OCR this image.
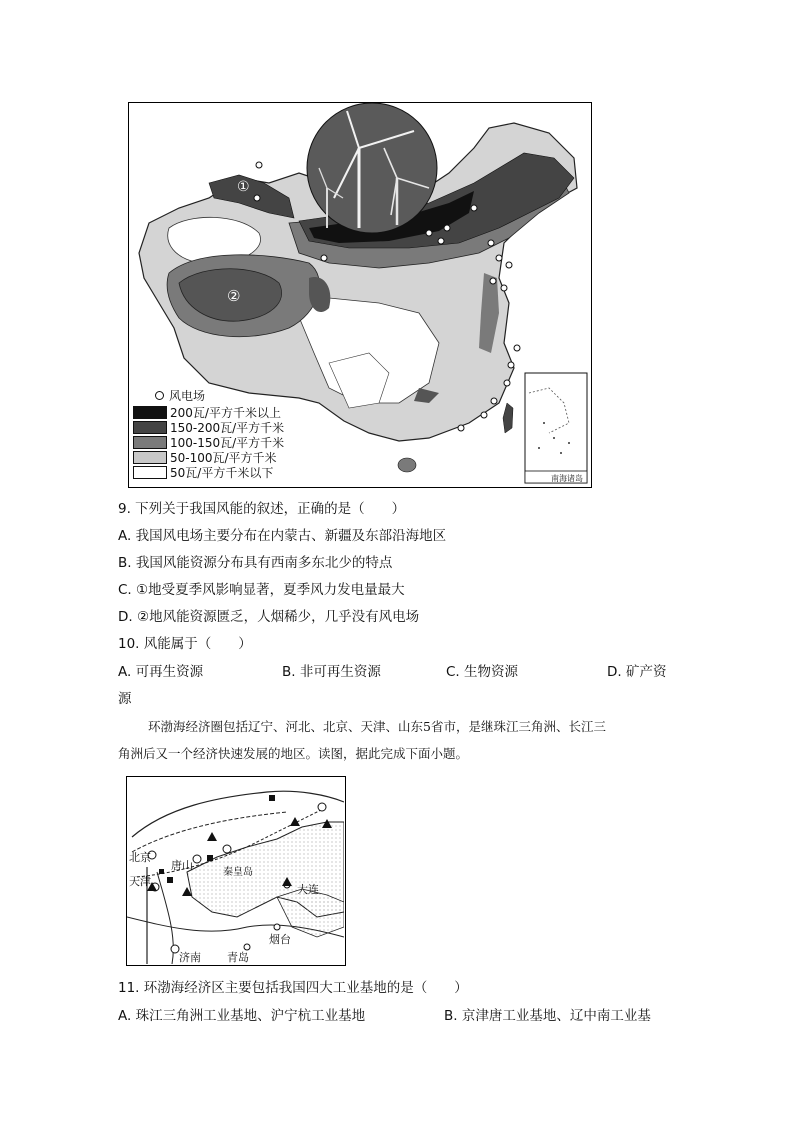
①
②
南海诸岛
风电场
200瓦/平方千米以上
150-200瓦/平方千米
100-150瓦/平方千米
50-100瓦/平方千米
50瓦/平方千米以下
9. 下列关于我国风能的叙述，正确的是（　　）
A. 我国风电场主要分布在内蒙古、新疆及东部沿海地区
B. 我国风能资源分布具有西南多东北少的特点
C. ①地受夏季风影响显著，夏季风力发电量最大
D. ②地风能资源匮乏，人烟稀少，几乎没有风电场
10. 风能属于（　　）
A. 可再生资源	B. 非可再生资源	C. 生物资源	D. 矿产资
源
环渤海经济圈包括辽宁、河北、北京、天津、山东5省市，是继珠江三角洲、长江三
角洲后又一个经济快速发展的地区。读图，据此完成下面小题。
北京
唐山
秦皇岛
天津
大连
烟台
济南 青岛
11. 环渤海经济区主要包括我国四大工业基地的是（　　）
A. 珠江三角洲工业基地、沪宁杭工业基地	B. 京津唐工业基地、辽中南工业基
